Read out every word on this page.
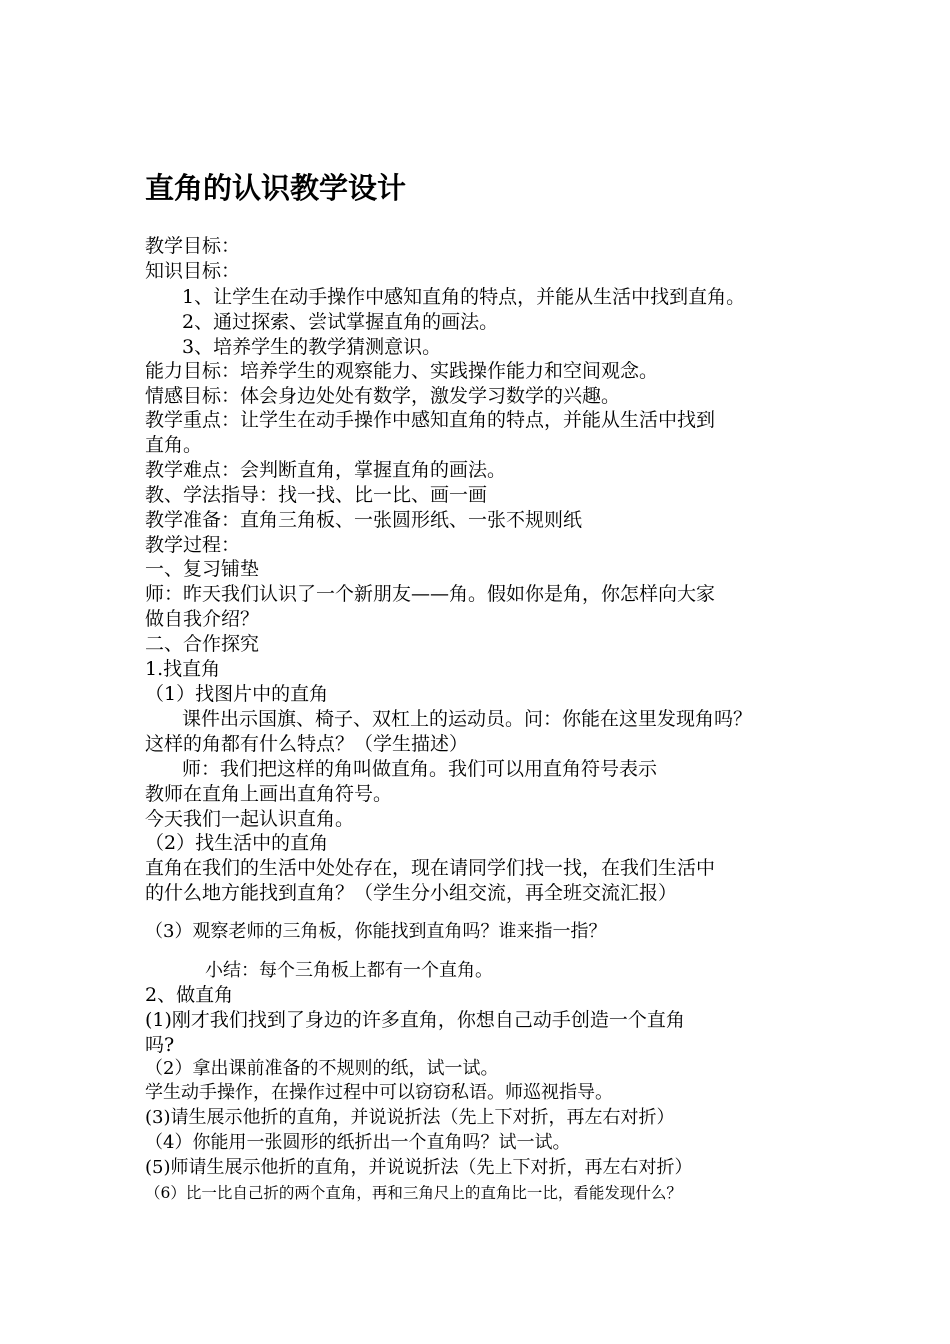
直角的认识教学设计
教学目标：
知识目标：
1、让学生在动手操作中感知直角的特点，并能从生活中找到直角。
2、通过探索、尝试掌握直角的画法。
3、培养学生的教学猜测意识。
能力目标：培养学生的观察能力、实践操作能力和空间观念。
情感目标：体会身边处处有数学，激发学习数学的兴趣。
教学重点：让学生在动手操作中感知直角的特点，并能从生活中找到
直角。
教学难点：会判断直角，掌握直角的画法。
教、学法指导：找一找、比一比、画一画
教学准备：直角三角板、一张圆形纸、一张不规则纸
教学过程：
一、复习铺垫
师：昨天我们认识了一个新朋友——角。假如你是角，你怎样向大家
做自我介绍？
二、合作探究
1.找直角
（1）找图片中的直角
课件出示国旗、椅子、双杠上的运动员。问：你能在这里发现角吗？
这样的角都有什么特点？（学生描述）
师：我们把这样的角叫做直角。我们可以用直角符号表示
教师在直角上画出直角符号。
今天我们一起认识直角。
（2）找生活中的直角
直角在我们的生活中处处存在，现在请同学们找一找，在我们生活中
的什么地方能找到直角？（学生分小组交流，再全班交流汇报）
（3）观察老师的三角板，你能找到直角吗？谁来指一指？
小结：每个三角板上都有一个直角。
2、做直角
(1)刚才我们找到了身边的许多直角，你想自己动手创造一个直角
吗?
（2）拿出课前准备的不规则的纸，试一试。
学生动手操作，在操作过程中可以窃窃私语。师巡视指导。
(3)请生展示他折的直角，并说说折法（先上下对折，再左右对折）
（4）你能用一张圆形的纸折出一个直角吗？试一试。
(5)师请生展示他折的直角，并说说折法（先上下对折，再左右对折）
（6）比一比自己折的两个直角，再和三角尺上的直角比一比，看能发现什么？
